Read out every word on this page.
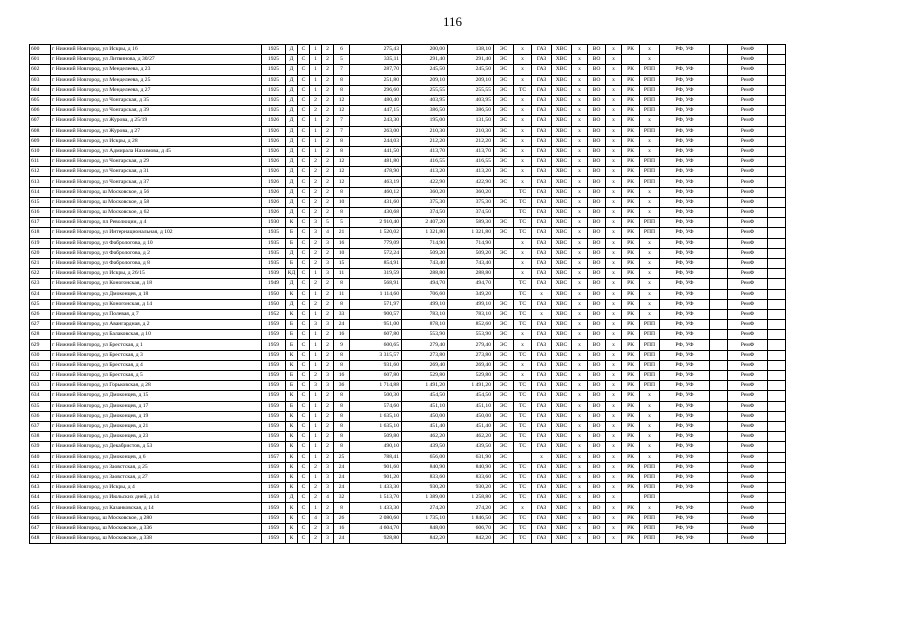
116
600	г Нижний Новгород, ул Искры, д 16	1925	Д	С	1	2	6	275,43	200,00	138,10	ЭС	х	ГАЗ	ХВС	х	ВО	х	РК	х	РФ, УФ		РемФ	
601	г Нижний Новгород, ул Литвинова, д 30/27	1925	Д	С	1	2	5	335,11	291,40	291,40	ЭС	х	ГАЗ	ХВС	х	ВО	х		х			РемФ	
602	г Нижний Новгород, ул Менделеева, д 23	1925	Д	С	1	2	7	287,70	245,50	245,50	ЭС	х	ГАЗ	ХВС	х	ВО	х	РК	РПП	РФ, УФ		РемФ	
603	г Нижний Новгород, ул Менделеева, д 25	1925	Д	С	1	2	8	251,80	209,10	209,10	ЭС	х	ГАЗ	ХВС	х	ВО	х	РК	РПП	РФ, УФ		РемФ	
604	г Нижний Новгород, ул Менделеева, д 27	1925	Д	С	1	2	8	296,60	255,55	255,55	ЭС	ТС	ГАЗ	ХВС	х	ВО	х	РК	РПП	РФ, УФ		РемФ	
605	г Нижний Новгород, ул Чонгарская, д 35	1925	Д	С	2	2	12	480,40	403,95	403,95	ЭС	х	ГАЗ	ХВС	х	ВО	х	РК	РПП	РФ, УФ		РемФ	
606	г Нижний Новгород, ул Чонгарская, д 39	1925	Д	С	2	2	12	447,15	386,50	386,50	ЭС	х	ГАЗ	ХВС	х	ВО	х	РК	РПП	РФ, УФ		РемФ	
607	г Нижний Новгород, ул Журова, д 25/19	1926	Д	С	1	2	7	243,30	195,00	131,50	ЭС	х	ГАЗ	ХВС	х	ВО	х	РК	х	РФ, УФ		РемФ	
608	г Нижний Новгород, ул Журова, д 27	1926	Д	С	1	2	7	263,00	210,30	210,30	ЭС	х	ГАЗ	ХВС	х	ВО	х	РК	РПП	РФ, УФ		РемФ	
609	г Нижний Новгород, ул Искры, д 28	1926	Д	С	1	2	8	244,03	212,20	212,20	ЭС	х	ГАЗ	ХВС	х	ВО	х	РК	х	РФ, УФ		РемФ	
610	г Нижний Новгород, ул Адмирала Нахимова, д 45	1926	Д	С	1	2	8	441,50	413,70	413,70	ЭС	х	ГАЗ	ХВС	х	ВО	х	РК	х	РФ, УФ		РемФ	
611	г Нижний Новгород, ул Чонгарская, д 29	1926	Д	С	2	2	12	481,80	416,55	416,55	ЭС	х	ГАЗ	ХВС	х	ВО	х	РК	РПП	РФ, УФ		РемФ	
612	г Нижний Новгород, ул Чонгарская, д 31	1926	Д	С	2	2	12	478,90	413,20	413,20	ЭС	х	ГАЗ	ХВС	х	ВО	х	РК	РПП	РФ, УФ		РемФ	
613	г Нижний Новгород, ул Чонгарская, д 37	1926	Д	С	2	2	12	463,19	422,90	422,90	ЭС	х	ГАЗ	ХВС	х	ВО	х	РК	РПП	РФ, УФ		РемФ	
614	г Нижний Новгород, ш Московское, д 56	1926	Д	С	2	2	8	460,12	360,20	360,20		ТС	ГАЗ	ХВС	х	ВО	х	РК	х	РФ, УФ		РемФ	
615	г Нижний Новгород, ш Московское, д 58	1926	Д	С	2	2	10	431,60	375,30	375,30	ЭС	ТС	ГАЗ	ХВС	х	ВО	х	РК	х	РФ, УФ		РемФ	
616	г Нижний Новгород, ш Московское, д 62	1926	Д	С	2	2	8	430,68	374,50	374,50		ТС	ГАЗ	ХВС	х	ВО	х	РК	х	РФ, УФ		РемФ	
617	г Нижний Новгород, пл Революции, д 4	1930	К	С	3	5	5	2 910,40	2 407,20	589,30	ЭС	ТС	ГАЗ	ХВС	х	ВО	х	РК	РПП	РФ, УФ		РемФ	
618	г Нижний Новгород, ул Интернациональная, д 102	1935	Б	С	3	4	21	1 520,02	1 321,80	1 321,80	ЭС	ТС	ГАЗ	ХВС	х	ВО	х	РК	РПП	РФ, УФ		РемФ	
619	г Нижний Новгород, ул Фабрологова, д 10	1935	Б	С	2	3	16	779,09	714,90	714,90		х	ГАЗ	ХВС	х	ВО	х	РК	х	РФ, УФ		РемФ	
620	г Нижний Новгород, ул Фабрологова, д 2	1935	Д	С	2	2	10	572,24	509,20	509,20	ЭС	х	ГАЗ	ХВС	х	ВО	х	РК	х	РФ, УФ		РемФ	
621	г Нижний Новгород, ул Фабрологова, д 8	1935	Б	С	2	3	15	854,91	743,40	743,40		х	ГАЗ	ХВС	х	ВО	х	РК	х	РФ, УФ		РемФ	
622	г Нижний Новгород, ул Искры, д 26/15	1939	КД	С	1	3	11	319,59	288,80	288,80		х	ГАЗ	ХВС	х	ВО	х	РК	х	РФ, УФ		РемФ	
623	г Нижний Новгород, ул Коногонская, д 18	1949	Д	С	2	2	8	568,91	494,70	494,70		ТС	ГАЗ	ХВС	х	ВО	х	РК	х	РФ, УФ		РемФ	
624	г Нижний Новгород, ул Дмоконцев, д 18	1950	К	С	1	2	11	1 114,60	706,60	349,20		ТС	х	ХВС	х	ВО	х	РК	х	РФ, УФ		РемФ	
625	г Нижний Новгород, ул Коногонская, д 14	1950	Д	С	2	2	8	571,97	499,10	499,10	ЭС	ТС	ГАЗ	ХВС	х	ВО	х	РК	х	РФ, УФ		РемФ	
626	г Нижний Новгород, ул Полевая, д 7	1952	К	С	1	2	33	900,57	783,10	783,10	ЭС	ТС	х	ХВС	х	ВО	х	РК	х	РФ, УФ		РемФ	
627	г Нижний Новгород, ул Авангардная, д 2	1959	Б	С	3	3	24	951,00	878,10	852,60	ЭС	ТС	ГАЗ	ХВС	х	ВО	х	РК	РПП	РФ, УФ		РемФ	
628	г Нижний Новгород, ул Балаковская, д 10	1959	Б	С	1	2	16	607,80	553,90	553,90	ЭС	х	ГАЗ	ХВС	х	ВО	х	РК	РПП	РФ, УФ		РемФ	
629	г Нижний Новгород, ул Брестская, д 1	1959	Б	С	1	2	9	600,65	279,40	279,40	ЭС	х	ГАЗ	ХВС	х	ВО	х	РК	РПП	РФ, УФ		РемФ	
630	г Нижний Новгород, ул Брестская, д 3	1959	К	С	1	2	8	3 315,57	273,80	273,80	ЭС	ТС	ГАЗ	ХВС	х	ВО	х	РК	РПП	РФ, УФ		РемФ	
631	г Нижний Новгород, ул Брестская, д 4	1959	К	С	1	2	8	931,60	269,40	269,40	ЭС	х	ГАЗ	ХВС	х	ВО	х	РК	РПП	РФ, УФ		РемФ	
632	г Нижний Новгород, ул Брестская, д 5	1959	Б	С	2	3	16	607,80	529,80	529,80	ЭС	х	ГАЗ	ХВС	х	ВО	х	РК	РПП	РФ, УФ		РемФ	
633	г Нижний Новгород, ул Горьковская, д 28	1959	Б	С	3	3	36	1 714,88	1 491,20	1 491,20	ЭС	ТС	ГАЗ	ХВС	х	ВО	х	РК	РПП	РФ, УФ		РемФ	
634	г Нижний Новгород, ул Дмоконцев, д 15	1959	К	С	1	2	8	500,30	454,50	454,50	ЭС	ТС	ГАЗ	ХВС	х	ВО	х	РК	х	РФ, УФ		РемФ	
635	г Нижний Новгород, ул Дмоконцев, д 17	1959	Б	С	1	2	8	574,60	451,10	451,10	ЭС	ТС	ГАЗ	ХВС	х	ВО	х	РК	х	РФ, УФ		РемФ	
636	г Нижний Новгород, ул Дмоконцев, д 19	1959	К	С	1	2	8	1 635,10	450,00	450,00	ЭС	ТС	ГАЗ	ХВС	х	ВО	х	РК	х	РФ, УФ		РемФ	
637	г Нижний Новгород, ул Дмоконцев, д 21	1959	К	С	1	2	8	1 635,10	451,40	451,40	ЭС	ТС	ГАЗ	ХВС	х	ВО	х	РК	х	РФ, УФ		РемФ	
638	г Нижний Новгород, ул Дмоконцев, д 23	1959	К	С	1	2	8	509,80	462,20	462,20	ЭС	ТС	ГАЗ	ХВС	х	ВО	х	РК	х	РФ, УФ		РемФ	
639	г Нижний Новгород, ул Декабристов, д 53	1959	К	С	1	2	8	490,10	439,50	439,50	ЭС	ТС	ГАЗ	ХВС	х	ВО	х	РК	х	РФ, УФ		РемФ	
640	г Нижний Новгород, ул Дмоконцев, д 6	1957	К	С	1	2	25	788,41	656,00	631,90	ЭС		х	ХВС	х	ВО	х	РК	х	РФ, УФ		РемФ	
641	г Нижний Новгород, ул Заовстская, д 25	1959	К	С	2	3	24	901,60	840,90	840,90	ЭС	ТС	ГАЗ	ХВС	х	ВО	х	РК	РПП	РФ, УФ		РемФ	
642	г Нижний Новгород, ул Заовстская, д 27	1959	К	С	1	3	24	901,20	833,60	833,60	ЭС	ТС	ГАЗ	ХВС	х	ВО	х	РК	РПП	РФ, УФ		РемФ	
643	г Нижний Новгород, ул Искры, д 4	1959	К	С	2	3	24	1 433,30	930,20	930,20	ЭС	ТС	ГАЗ	ХВС	х	ВО	х	РК	РПП	РФ, УФ		РемФ	
644	г Нижний Новгород, ул Июльских дней, д 14	1959	Д	С	2	4	32	1 513,70	1 389,00	1 258,80	ЭС	ТС	ГАЗ	ХВС	х	ВО	х		РПП			РемФ	
645	г Нижний Новгород, ул Казанковская, д 14	1959	К	С	1	2	8	1 433,30	274,20	274,20	ЭС	х	ГАЗ	ХВС	х	ВО	х	РК	х	РФ, УФ		РемФ	
646	г Нижний Новгород, ш Московское, д 280	1959	К	С	4	3	26	2 080,60	1 735,10	1 846,50	ЭС	ТС	ГАЗ	ХВС	х	ВО	х	РК	РПП	РФ, УФ		РемФ	
647	г Нижний Новгород, ш Московское, д 336	1959	К	С	2	3	16	4 604,70	848,00	606,70	ЭС	ТС	ГАЗ	ХВС	х	ВО	х	РК	РПП	РФ, УФ		РемФ	
648	г Нижний Новгород, ш Московское, д 338	1959	К	С	2	3	24	928,80	842,20	842,20	ЭС	ТС	ГАЗ	ХВС	х	ВО	х	РК	РПП	РФ, УФ		РемФ	
